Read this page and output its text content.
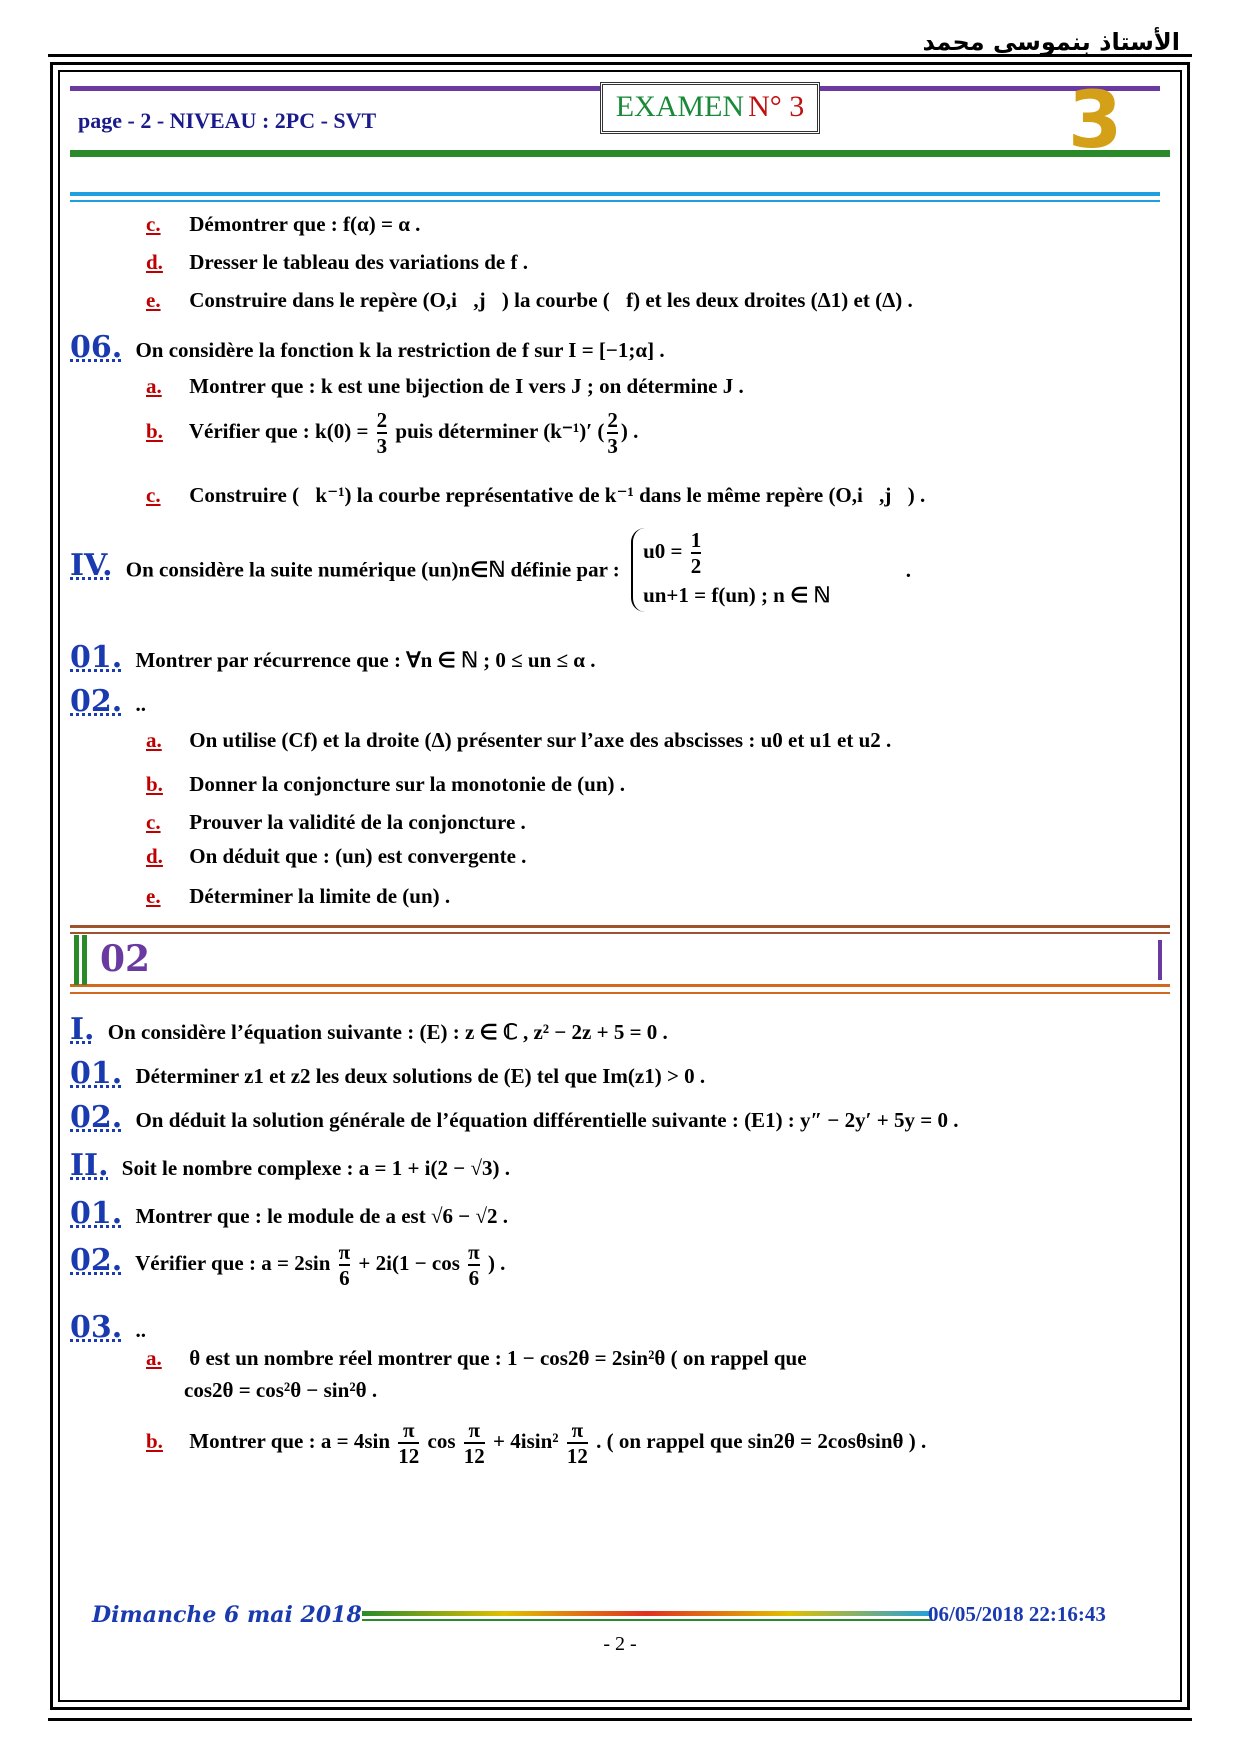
الأستاذ بنموسى محمد
page - 2 - NIVEAU : 2PC - SVT	EXAMEN N° 3	3
c. Démontrer que : f(α) = α .
d. Dresser le tableau des variations de f .
e. Construire dans le repère (O,i⃗,j⃗) la courbe (𝒞f) et les deux droites (Δ1) et (Δ) .
06. On considère la fonction k la restriction de f sur I = [−1;α] .
a. Montrer que : k est une bijection de I vers J ; on détermine J .
b. Vérifier que : $k(0) = \frac{2}{3}$ puis déterminer (k⁻¹)′ ( $\frac{2}{3}$ ) .
c. Construire (𝒞k⁻¹) la courbe représentative de k⁻¹ dans le même repère (O,i⃗,j⃗) .
IV. On considère la suite numérique (un)n∈ℕ définie par :
$u0 = \frac{1}{2}$
un+1 = f(un) ; n ∈ ℕ
.
01. Montrer par récurrence que : ∀n ∈ ℕ ; 0 ≤ un ≤ α .
02. ..
a. On utilise (Cf) et la droite (Δ) présenter sur l’axe des abscisses : u0 et u1 et u2 .
b. Donner la conjoncture sur la monotonie de (un) .
c. Prouver la validité de la conjoncture .
d. On déduit que : (un) est convergente .
e. Déterminer la limite de (un) .
02
I. On considère l’équation suivante : (E) : z ∈ ℂ , z² − 2z + 5 = 0 .
01. Déterminer z1 et z2 les deux solutions de (E) tel que Im(z1) > 0 .
02. On déduit la solution générale de l’équation différentielle suivante : (E1) : y″ − 2y′ + 5y = 0 .
II. Soit le nombre complexe : a = 1 + i(2 − √3) .
01. Montrer que : le module de a est √6 − √2 .
02. Vérifier que : $a = 2\sin \frac{\pi}{6} + 2i(1 - \cos \frac{\pi}{6}$ ) .
03. ..
a. θ est un nombre réel montrer que : 1 − cos2θ = 2sin²θ ( on rappel que
cos2θ = cos²θ − sin²θ .
b. Montrer que : $a = 4\sin \frac{\pi}{12}$ $\cos \frac{\pi}{12} + 4isin^2 \frac{\pi}{12}$ . ( on rappel que sin2θ = 2cosθsinθ ) .
Dimanche 6 mai 2018	06/05/2018 22:16:43
- 2 -
